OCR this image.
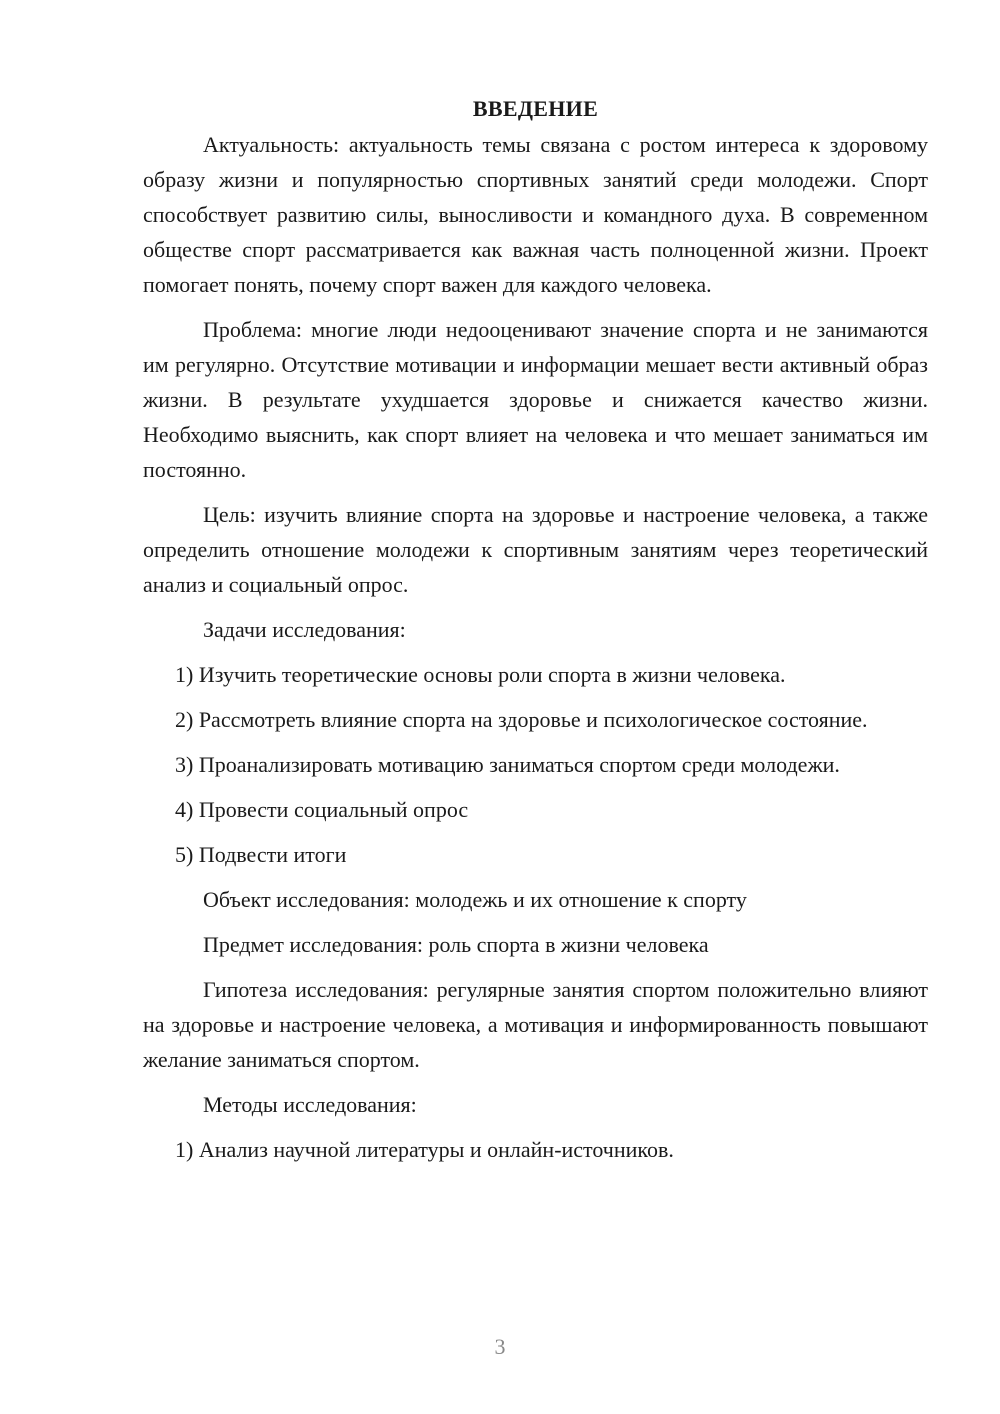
ВВЕДЕНИЕ

Актуальность: актуальность темы связана с ростом интереса к здоровому образу жизни и популярностью спортивных занятий среди молодежи. Спорт способствует развитию силы, выносливости и командного духа. В современном обществе спорт рассматривается как важная часть полноценной жизни. Проект помогает понять, почему спорт важен для каждого человека.

Проблема: многие люди недооценивают значение спорта и не занимаются им регулярно. Отсутствие мотивации и информации мешает вести активный образ жизни. В результате ухудшается здоровье и снижается качество жизни. Необходимо выяснить, как спорт влияет на человека и что мешает заниматься им постоянно.

Цель: изучить влияние спорта на здоровье и настроение человека, а также определить отношение молодежи к спортивным занятиям через теоретический анализ и социальный опрос.

Задачи исследования:

1) Изучить теоретические основы роли спорта в жизни человека.

2) Рассмотреть влияние спорта на здоровье и психологическое состояние.

3) Проанализировать мотивацию заниматься спортом среди молодежи.

4) Провести социальный опрос

5) Подвести итоги

Объект исследования: молодежь и их отношение к спорту

Предмет исследования: роль спорта в жизни человека

Гипотеза исследования: регулярные занятия спортом положительно влияют на здоровье и настроение человека, а мотивация и информированность повышают желание заниматься спортом.

Методы исследования:

1) Анализ научной литературы и онлайн-источников.

3
